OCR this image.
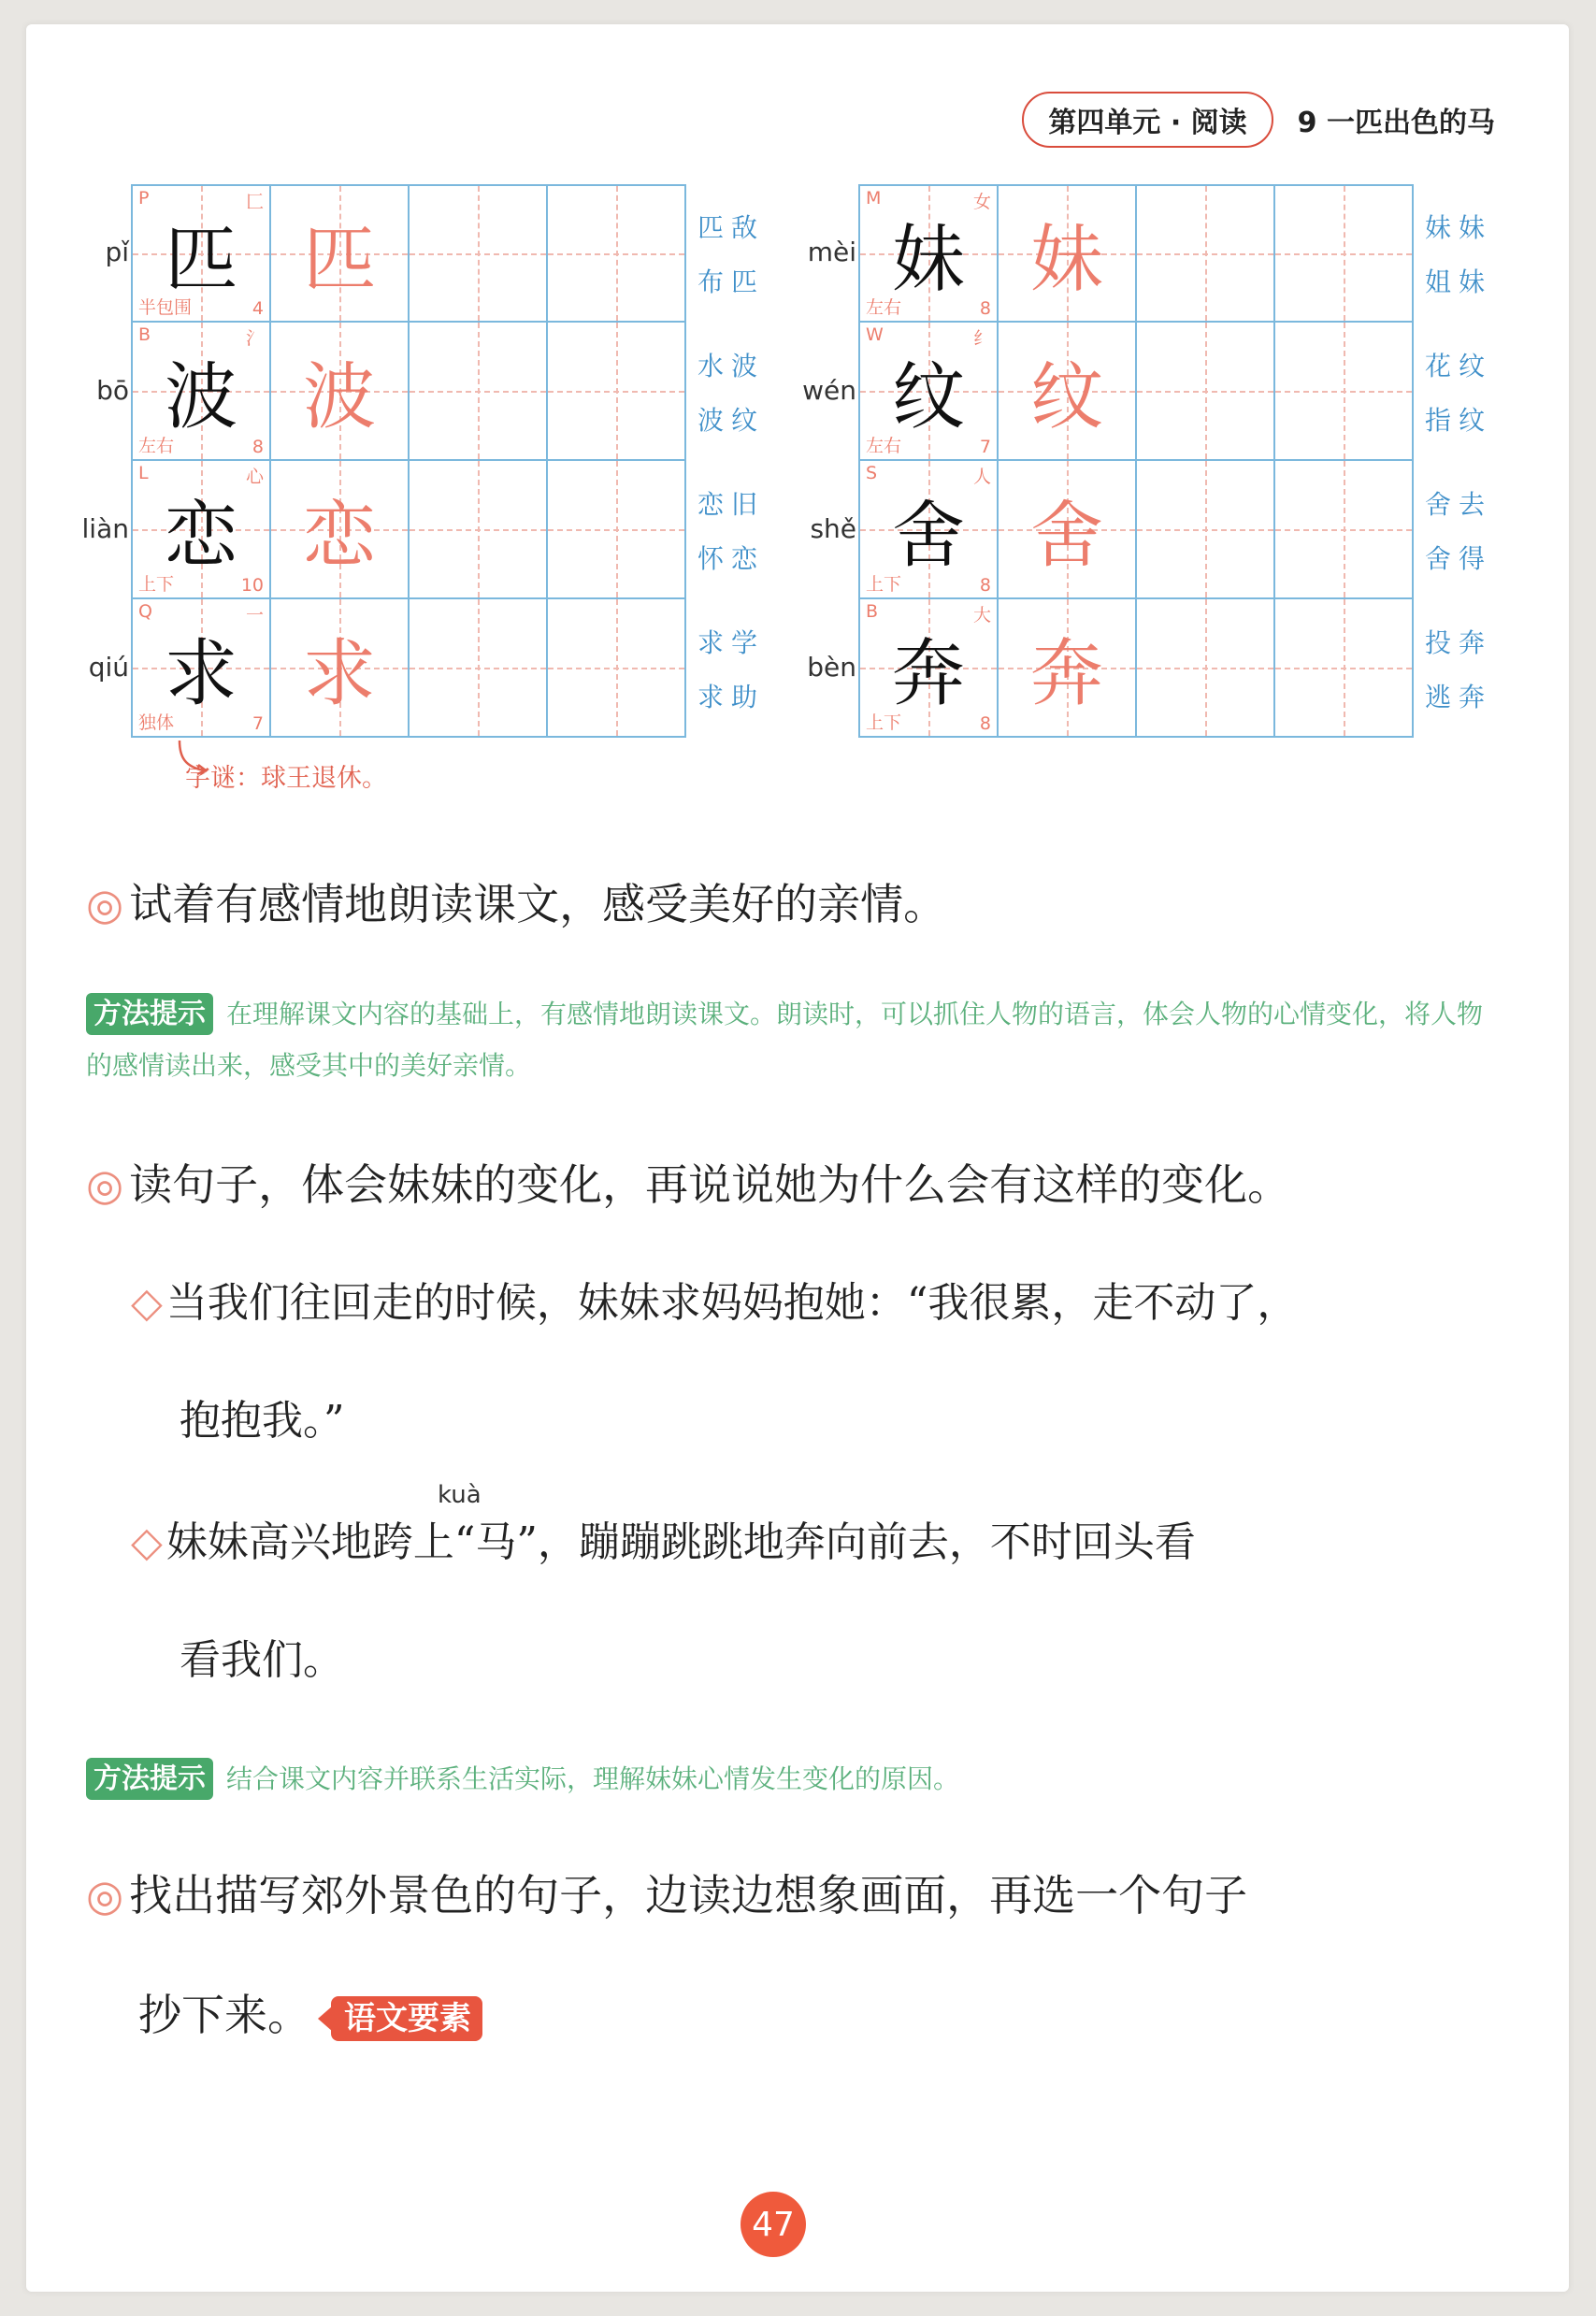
第四单元 · 阅读	9 一匹出色的马
pǐ 匹
P	匚
半包围	4
匹	匹敌
布匹
bō 波
B	氵
左右	8
波	水波
波纹
liàn 恋
L	心
上下	10
恋	恋旧
怀恋
qiú 求
Q	一
独体	7
求	求学
求助
mèi 妹
M	女
左右	8
妹	妹妹
姐妹
wén 纹
W	纟
左右	7
纹	花纹
指纹
shě 舍
S	人
上下	8
舍	舍去
舍得
bèn 奔
B	大
上下	8
奔	投奔
逃奔
字谜：球王退休。
◎ 试着有感情地朗读课文，感受美好的亲情。
方法提示 在理解课文内容的基础上，有感情地朗读课文。朗读时，可以抓住人物的语言，体会人物的心情变化，将人物的感情读出来，感受其中的美好亲情。
◎ 读句子，体会妹妹的变化，再说说她为什么会有这样的变化。
◇当我们往回走的时候，妹妹求妈妈抱她：“我很累，走不动了，
抱抱我。”
kuà
◇妹妹高兴地跨上“马”，蹦蹦跳跳地奔向前去，不时回头看
看我们。
方法提示 结合课文内容并联系生活实际，理解妹妹心情发生变化的原因。
◎ 找出描写郊外景色的句子，边读边想象画面，再选一个句子
抄下来。 语文要素
47
